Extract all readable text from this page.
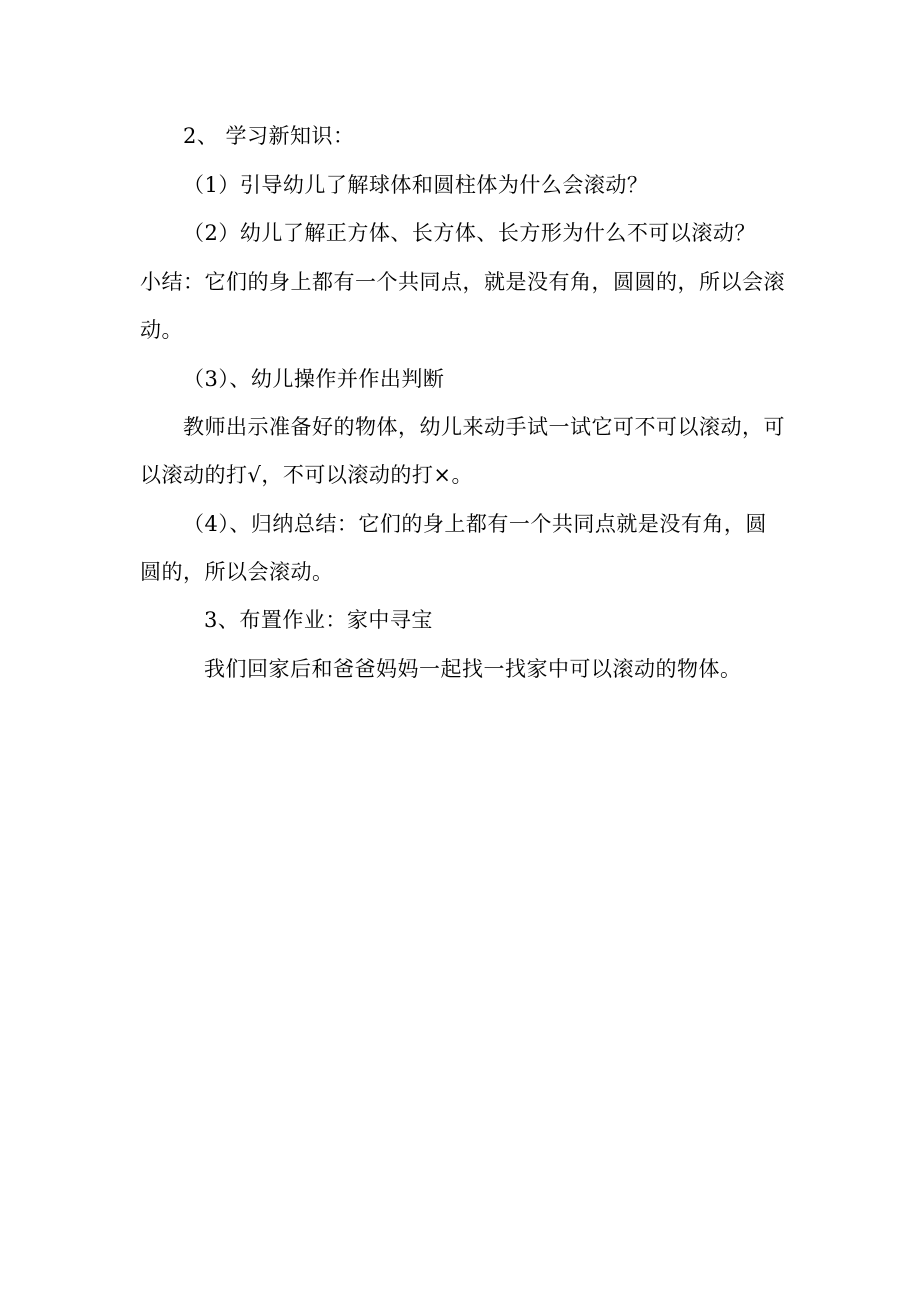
2、 学习新知识：
（1）引导幼儿了解球体和圆柱体为什么会滚动？
（2）幼儿了解正方体、长方体、长方形为什么不可以滚动？
小结：它们的身上都有一个共同点，就是没有角，圆圆的，所以会滚
动。
（3）、幼儿操作并作出判断
教师出示准备好的物体，幼儿来动手试一试它可不可以滚动，可
以滚动的打√，不可以滚动的打×。
（4）、归纳总结：它们的身上都有一个共同点就是没有角，圆
圆的，所以会滚动。
3、布置作业：家中寻宝
我们回家后和爸爸妈妈一起找一找家中可以滚动的物体。
